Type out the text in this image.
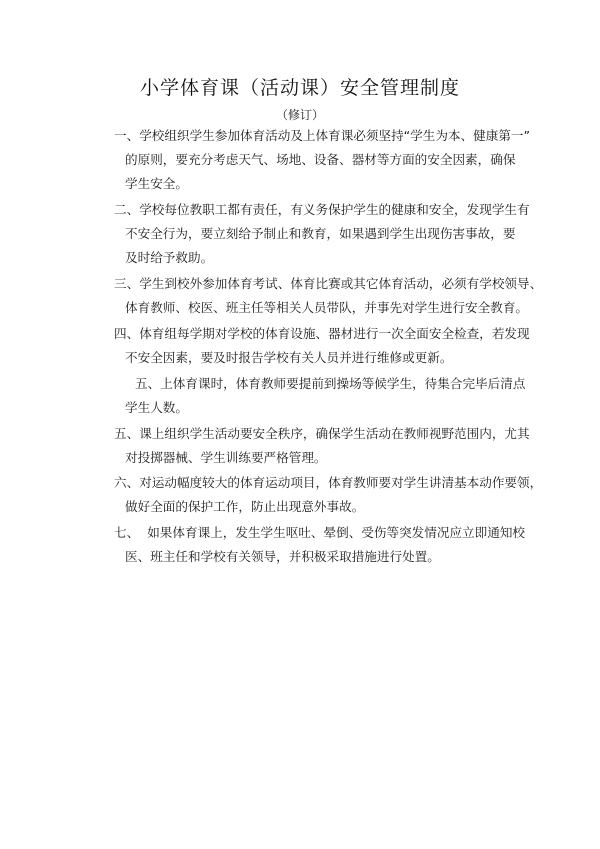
小学体育课（活动课）安全管理制度
（修订）
一、学校组织学生参加体育活动及上体育课必须坚持“学生为本、健康第一”
的原则，要充分考虑天气、场地、设备、器材等方面的安全因素，确保
学生安全。
二、学校每位教职工都有责任，有义务保护学生的健康和安全，发现学生有
不安全行为，要立刻给予制止和教育，如果遇到学生出现伤害事故，要
及时给予救助。
三、学生到校外参加体育考试、体育比赛或其它体育活动，必须有学校领导、
体育教师、校医、班主任等相关人员带队，并事先对学生进行安全教育。
四、体育组每学期对学校的体育设施、器材进行一次全面安全检查，若发现
不安全因素，要及时报告学校有关人员并进行维修或更新。
五、上体育课时，体育教师要提前到操场等候学生，待集合完毕后清点
学生人数。
五、课上组织学生活动要安全秩序，确保学生活动在教师视野范围内，尤其
对投掷器械、学生训练要严格管理。
六、对运动幅度较大的体育运动项目，体育教师要对学生讲清基本动作要领，
做好全面的保护工作，防止出现意外事故。
七、  如果体育课上，发生学生呕吐、晕倒、受伤等突发情况应立即通知校
医、班主任和学校有关领导，并积极采取措施进行处置。
